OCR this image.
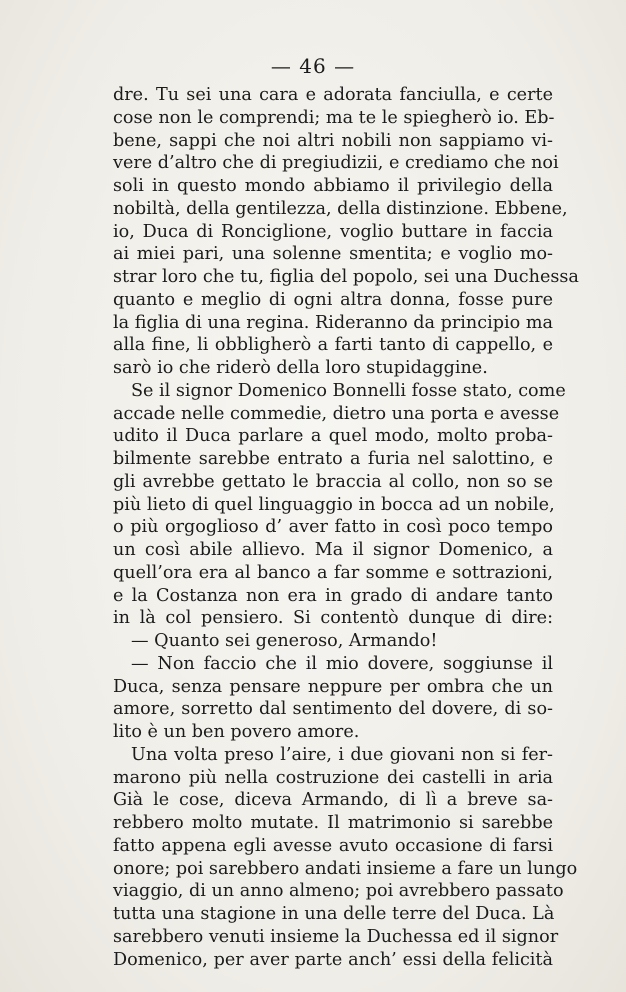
— 46 —
dre. Tu sei una cara e adorata fanciulla, e certe
cose non le comprendi; ma te le spiegherò io. Eb-
bene, sappi che noi altri nobili non sappiamo vi-
vere d’altro che di pregiudizii, e crediamo che noi
soli in questo mondo abbiamo il privilegio della
nobiltà, della gentilezza, della distinzione. Ebbene,
io, Duca di Ronciglione, voglio buttare in faccia
ai miei pari, una solenne smentita; e voglio mo-
strar loro che tu, figlia del popolo, sei una Duchessa
quanto e meglio di ogni altra donna, fosse pure
la figlia di una regina. Rideranno da principio ma
alla fine, li obbligherò a farti tanto di cappello, e
sarò io che riderò della loro stupidaggine.
Se il signor Domenico Bonnelli fosse stato, come
accade nelle commedie, dietro una porta e avesse
udito il Duca parlare a quel modo, molto proba-
bilmente sarebbe entrato a furia nel salottino, e
gli avrebbe gettato le braccia al collo, non so se
più lieto di quel linguaggio in bocca ad un nobile,
o più orgoglioso d’ aver fatto in così poco tempo
un così abile allievo. Ma il signor Domenico, a
quell’ora era al banco a far somme e sottrazioni,
e la Costanza non era in grado di andare tanto
in là col pensiero. Si contentò dunque di dire:
— Quanto sei generoso, Armando!
— Non faccio che il mio dovere, soggiunse il
Duca, senza pensare neppure per ombra che un
amore, sorretto dal sentimento del dovere, di so-
lito è un ben povero amore.
Una volta preso l’aire, i due giovani non si fer-
marono più nella costruzione dei castelli in aria
Già le cose, diceva Armando, di lì a breve sa-
rebbero molto mutate. Il matrimonio si sarebbe
fatto appena egli avesse avuto occasione di farsi
onore; poi sarebbero andati insieme a fare un lungo
viaggio, di un anno almeno; poi avrebbero passato
tutta una stagione in una delle terre del Duca. Là
sarebbero venuti insieme la Duchessa ed il signor
Domenico, per aver parte anch’ essi della felicità
